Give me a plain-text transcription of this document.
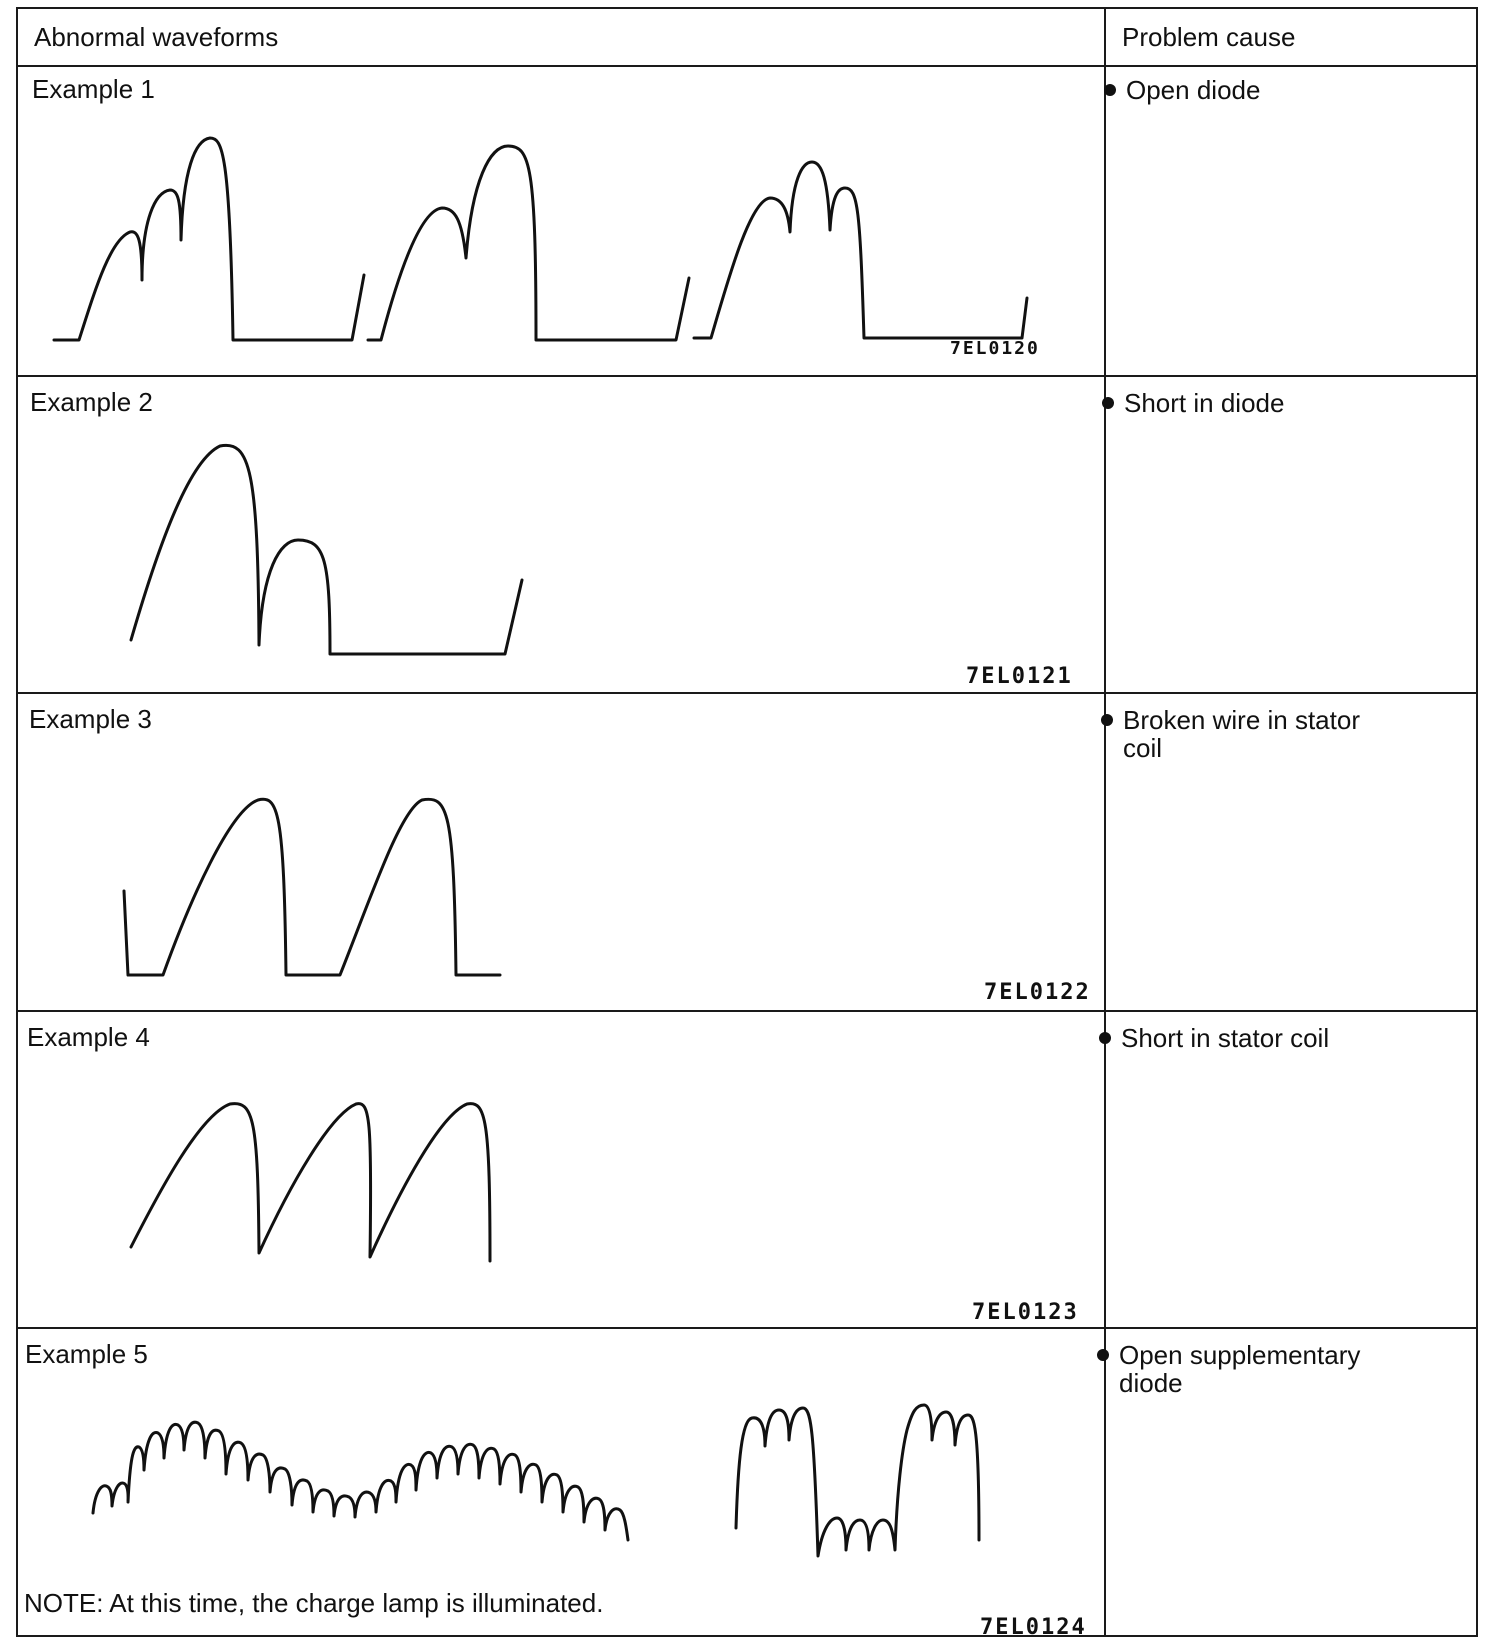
Abnormal waveforms	Problem cause
Example 1
Example 2
Example 3
Example 4
Example 5
Open diode
Short in diode
Broken wire in stator
coil
Short in stator coil
Open supplementary
diode
7EL0120
7EL0121
7EL0122
7EL0123
7EL0124
NOTE: At this time, the charge lamp is illuminated.
